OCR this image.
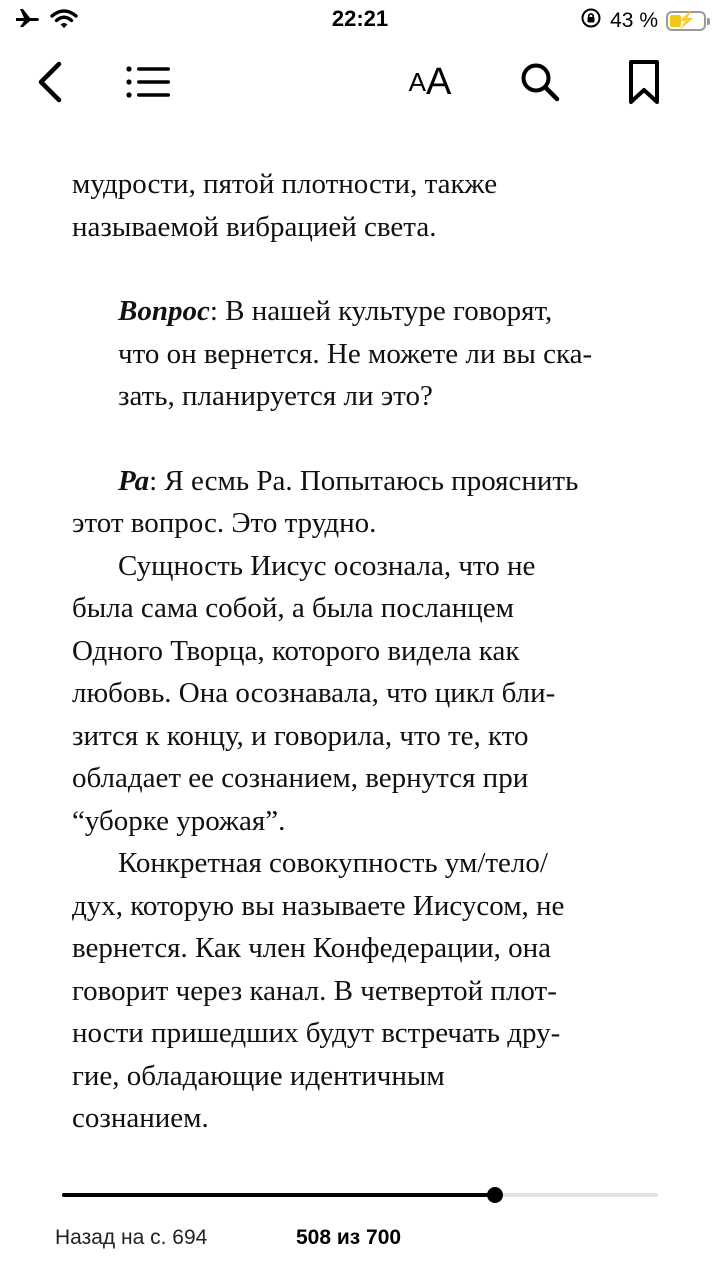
22:21	43 %	⚡
A A

мудрости, пятой плотности, также
называемой вибрацией света.

Вопрос: В нашей культуре говорят,
что он вернется. Не можете ли вы ска-
зать, планируется ли это?

Ра: Я есмь Ра. Попытаюсь прояснить
этот вопрос. Это трудно.

Сущность Иисус осознала, что не
была сама собой, а была посланцем
Одного Творца, которого видела как
любовь. Она осознавала, что цикл бли-
зится к концу, и говорила, что те, кто
обладает ее сознанием, вернутся при
“уборке урожая”.

Конкретная совокупность ум/тело/
дух, которую вы называете Иисусом, не
вернется. Как член Конфедерации, она
говорит через канал. В четвертой плот-
ности пришедших будут встречать дру-
гие, обладающие идентичным
сознанием.

Назад на с. 694	508 из 700
